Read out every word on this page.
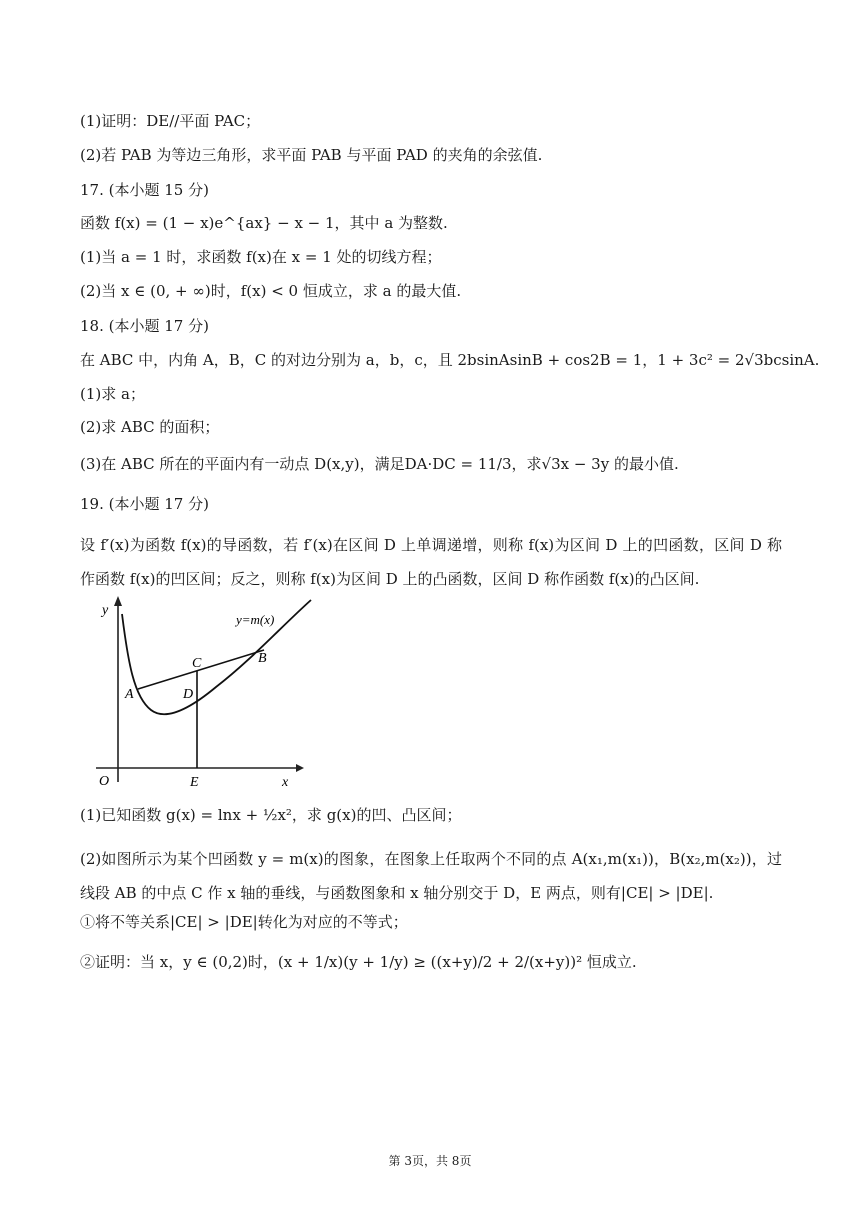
(1)证明：DE//平面 PAC；
(2)若 PAB 为等边三角形，求平面 PAB 与平面 PAD 的夹角的余弦值.
17. (本小题 15 分)
函数 f(x) = (1 − x)e^{ax} − x − 1，其中 a 为整数.
(1)当 a = 1 时，求函数 f(x)在 x = 1 处的切线方程；
(2)当 x ∈ (0, + ∞)时，f(x) < 0 恒成立，求 a 的最大值.
18. (本小题 17 分)
在 ABC 中，内角 A，B，C 的对边分别为 a，b，c，且 2bsinAsinB + cos2B = 1，1 + 3c² = 2√3bcsinA.
(1)求 a；
(2)求 ABC 的面积；
(3)在 ABC 所在的平面内有一动点 D(x,y)，满足DA·DC = 11/3，求√3x − 3y 的最小值.
19. (本小题 17 分)
设 f′(x)为函数 f(x)的导函数，若 f′(x)在区间 D 上单调递增，则称 f(x)为区间 D 上的凹函数，区间 D 称作函数 f(x)的凹区间；反之，则称 f(x)为区间 D 上的凸函数，区间 D 称作函数 f(x)的凸区间.
y=m(x)
y
x
O
A
B
C
D
E
(1)已知函数 g(x) = lnx + ½x²，求 g(x)的凹、凸区间；
(2)如图所示为某个凹函数 y = m(x)的图象，在图象上任取两个不同的点 A(x₁,m(x₁))，B(x₂,m(x₂))，过线段 AB 的中点 C 作 x 轴的垂线，与函数图象和 x 轴分别交于 D，E 两点，则有|CE| > |DE|.
①将不等关系|CE| > |DE|转化为对应的不等式；
②证明：当 x，y ∈ (0,2)时，(x + 1/x)(y + 1/y) ≥ ((x+y)/2 + 2/(x+y))² 恒成立.
第 3页，共 8页
